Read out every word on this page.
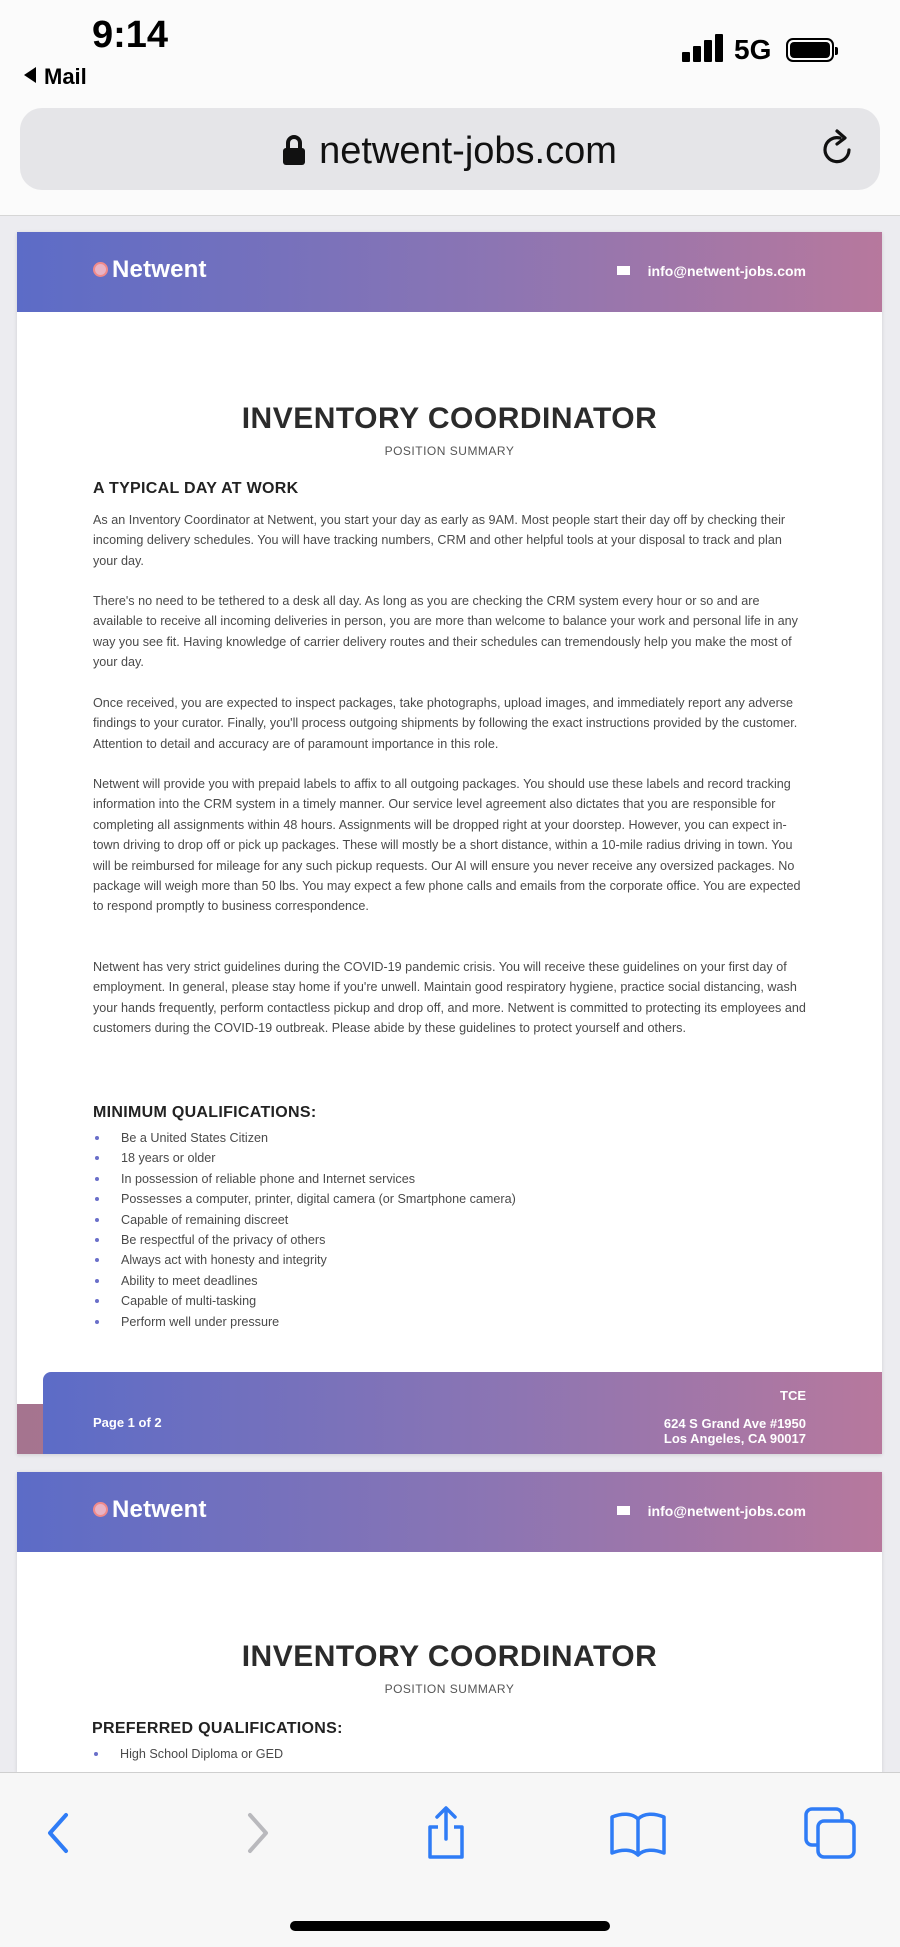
9:14
Mail
5G
netwent-jobs.com
Netwent	info@netwent-jobs.com
INVENTORY COORDINATOR
POSITION SUMMARY
A TYPICAL DAY AT WORK
As an Inventory Coordinator at Netwent, you start your day as early as 9AM. Most people start their day off by checking their incoming delivery schedules. You will have tracking numbers, CRM and other helpful tools at your disposal to track and plan your day.
There's no need to be tethered to a desk all day. As long as you are checking the CRM system every hour or so and are available to receive all incoming deliveries in person, you are more than welcome to balance your work and personal life in any way you see fit. Having knowledge of carrier delivery routes and their schedules can tremendously help you make the most of your day.
Once received, you are expected to inspect packages, take photographs, upload images, and immediately report any adverse findings to your curator. Finally, you'll process outgoing shipments by following the exact instructions provided by the customer. Attention to detail and accuracy are of paramount importance in this role.
Netwent will provide you with prepaid labels to affix to all outgoing packages. You should use these labels and record tracking information into the CRM system in a timely manner. Our service level agreement also dictates that you are responsible for completing all assignments within 48 hours. Assignments will be dropped right at your doorstep. However, you can expect in-town driving to drop off or pick up packages. These will mostly be a short distance, within a 10-mile radius driving in town. You will be reimbursed for mileage for any such pickup requests. Our AI will ensure you never receive any oversized packages. No package will weigh more than 50 lbs. You may expect a few phone calls and emails from the corporate office. You are expected to respond promptly to business correspondence.
Netwent has very strict guidelines during the COVID-19 pandemic crisis. You will receive these guidelines on your first day of employment. In general, please stay home if you're unwell. Maintain good respiratory hygiene, practice social distancing, wash your hands frequently, perform contactless pickup and drop off, and more. Netwent is committed to protecting its employees and customers during the COVID-19 outbreak. Please abide by these guidelines to protect yourself and others.
MINIMUM QUALIFICATIONS:
Be a United States Citizen
18 years or older
In possession of reliable phone and Internet services
Possesses a computer, printer, digital camera (or Smartphone camera)
Capable of remaining discreet
Be respectful of the privacy of others
Always act with honesty and integrity
Ability to meet deadlines
Capable of multi-tasking
Perform well under pressure
Page 1 of 2
TCE
624 S Grand Ave #1950
Los Angeles, CA 90017
Netwent	info@netwent-jobs.com
INVENTORY COORDINATOR
POSITION SUMMARY
PREFERRED QUALIFICATIONS:
High School Diploma or GED
